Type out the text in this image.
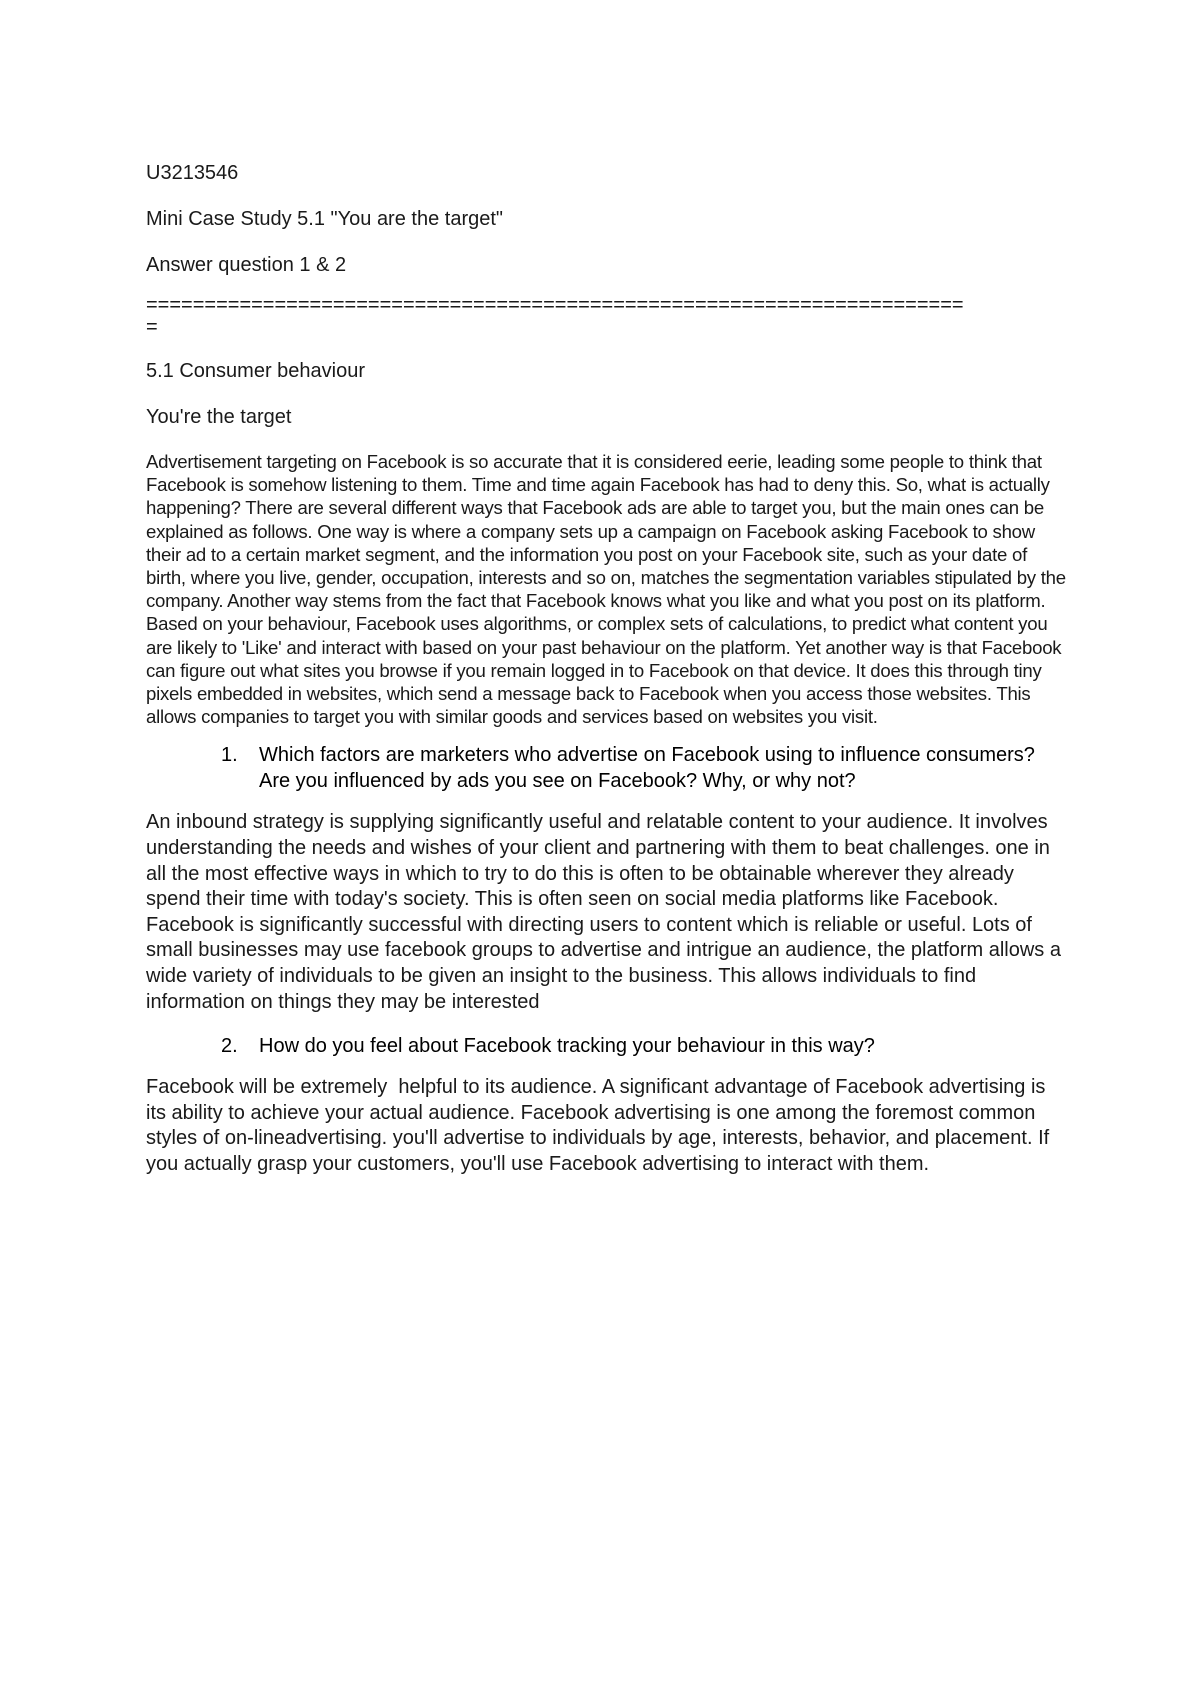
U3213546

Mini Case Study 5.1 "You are the target"

Answer question 1 & 2

======================================================================
=

5.1 Consumer behaviour

You're the target

Advertisement targeting on Facebook is so accurate that it is considered eerie, leading some people to think that Facebook is somehow listening to them. Time and time again Facebook has had to deny this. So, what is actually happening? There are several different ways that Facebook ads are able to target you, but the main ones can be explained as follows. One way is where a company sets up a campaign on Facebook asking Facebook to show their ad to a certain market segment, and the information you post on your Facebook site, such as your date of birth, where you live, gender, occupation, interests and so on, matches the segmentation variables stipulated by the company. Another way stems from the fact that Facebook knows what you like and what you post on its platform. Based on your behaviour, Facebook uses algorithms, or complex sets of calculations, to predict what content you are likely to 'Like' and interact with based on your past behaviour on the platform. Yet another way is that Facebook can figure out what sites you browse if you remain logged in to Facebook on that device. It does this through tiny pixels embedded in websites, which send a message back to Facebook when you access those websites. This allows companies to target you with similar goods and services based on websites you visit.

1.	Which factors are marketers who advertise on Facebook using to influence consumers? Are you influenced by ads you see on Facebook? Why, or why not?

An inbound strategy is supplying significantly useful and relatable content to your audience. It involves understanding the needs and wishes of your client and partnering with them to beat challenges. one in all the most effective ways in which to try to do this is often to be obtainable wherever they already spend their time with today's society. This is often seen on social media platforms like Facebook. Facebook is significantly successful with directing users to content which is reliable or useful. Lots of small businesses may use facebook groups to advertise and intrigue an audience, the platform allows a wide variety of individuals to be given an insight to the business. This allows individuals to find information on things they may be interested

2.	How do you feel about Facebook tracking your behaviour in this way?

Facebook will be extremely  helpful to its audience. A significant advantage of Facebook advertising is its ability to achieve your actual audience. Facebook advertising is one among the foremost common styles of on-lineadvertising. you'll advertise to individuals by age, interests, behavior, and placement. If you actually grasp your customers, you'll use Facebook advertising to interact with them.
